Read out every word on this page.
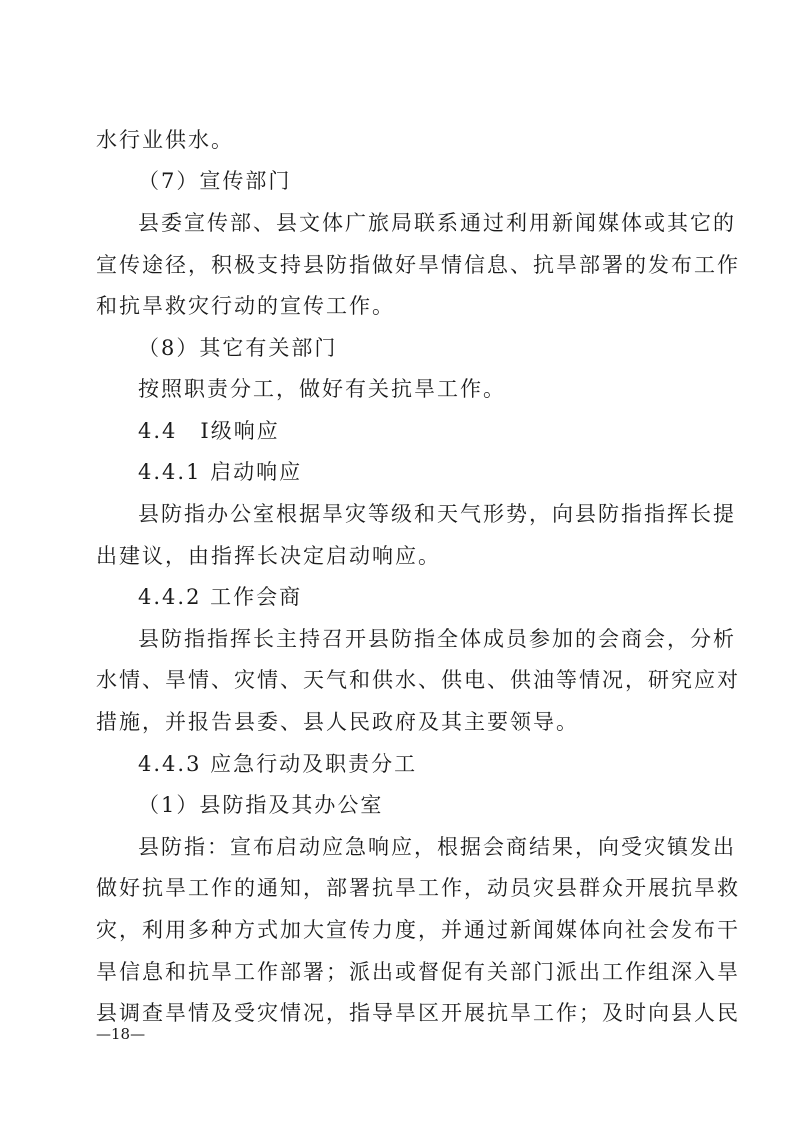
水行业供水。
（7）宣传部门
县委宣传部、县文体广旅局联系通过利用新闻媒体或其它的
宣传途径，积极支持县防指做好旱情信息、抗旱部署的发布工作
和抗旱救灾行动的宣传工作。
（8）其它有关部门
按照职责分工，做好有关抗旱工作。
4.4　Ⅰ级响应
4.4.1 启动响应
县防指办公室根据旱灾等级和天气形势，向县防指指挥长提
出建议，由指挥长决定启动响应。
4.4.2 工作会商
县防指指挥长主持召开县防指全体成员参加的会商会，分析
水情、旱情、灾情、天气和供水、供电、供油等情况，研究应对
措施，并报告县委、县人民政府及其主要领导。
4.4.3 应急行动及职责分工
（1）县防指及其办公室
县防指：宣布启动应急响应，根据会商结果，向受灾镇发出
做好抗旱工作的通知，部署抗旱工作，动员灾县群众开展抗旱救
灾，利用多种方式加大宣传力度，并通过新闻媒体向社会发布干
旱信息和抗旱工作部署；派出或督促有关部门派出工作组深入旱
县调查旱情及受灾情况，指导旱区开展抗旱工作；及时向县人民
—18—
